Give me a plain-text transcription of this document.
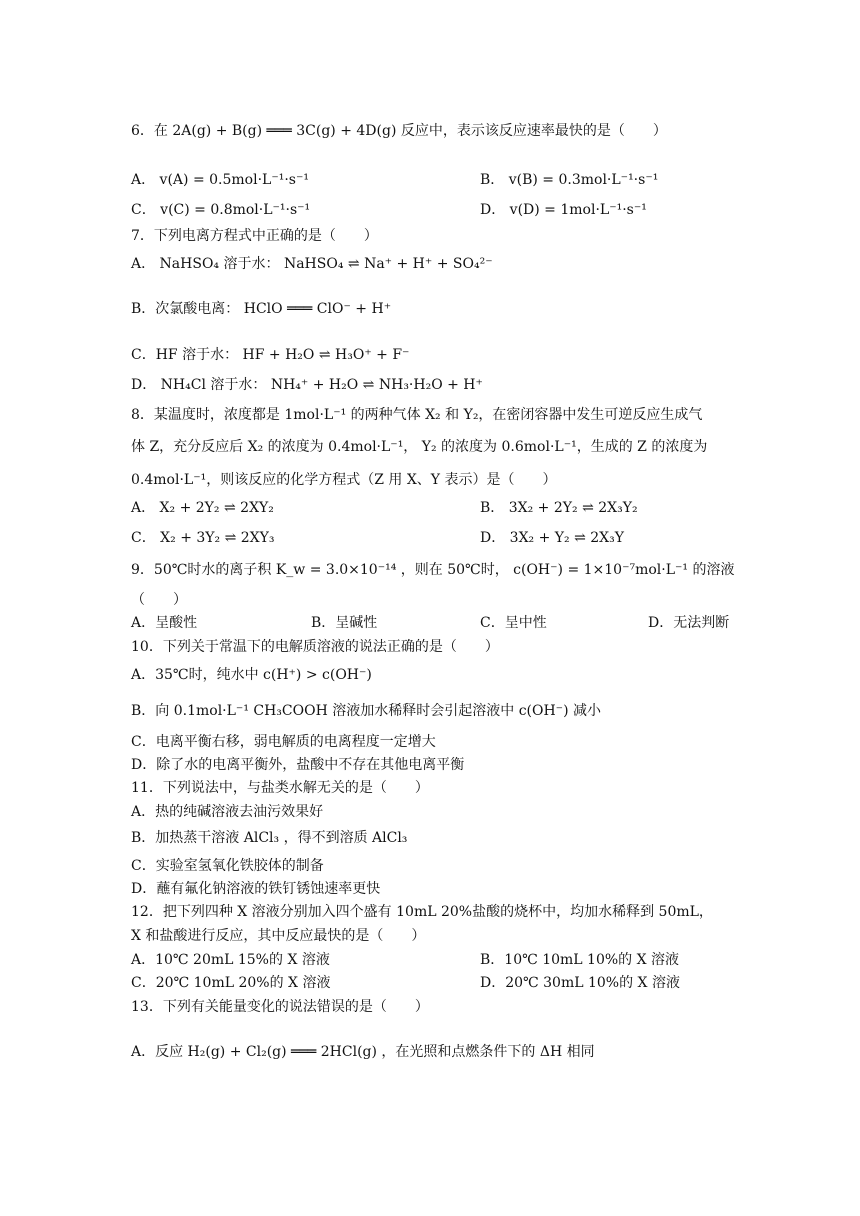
6．在 2A(g) + B(g) ═══ 3C(g) + 4D(g) 反应中，表示该反应速率最快的是（　　）
A． v(A) = 0.5mol·L⁻¹·s⁻¹	B． v(B) = 0.3mol·L⁻¹·s⁻¹
C． v(C) = 0.8mol·L⁻¹·s⁻¹	D． v(D) = 1mol·L⁻¹·s⁻¹
7．下列电离方程式中正确的是（　　）
A． NaHSO₄ 溶于水： NaHSO₄ ⇌ Na⁺ + H⁺ + SO₄²⁻
B．次氯酸电离： HClO ═══ ClO⁻ + H⁺
C．HF 溶于水： HF + H₂O ⇌ H₃O⁺ + F⁻
D． NH₄Cl 溶于水： NH₄⁺ + H₂O ⇌ NH₃·H₂O + H⁺
8．某温度时，浓度都是 1mol·L⁻¹ 的两种气体 X₂ 和 Y₂，在密闭容器中发生可逆反应生成气
体 Z，充分反应后 X₂ 的浓度为 0.4mol·L⁻¹， Y₂ 的浓度为 0.6mol·L⁻¹，生成的 Z 的浓度为
0.4mol·L⁻¹，则该反应的化学方程式（Z 用 X、Y 表示）是（　　）
A． X₂ + 2Y₂ ⇌ 2XY₂	B． 3X₂ + 2Y₂ ⇌ 2X₃Y₂
C． X₂ + 3Y₂ ⇌ 2XY₃	D． 3X₂ + Y₂ ⇌ 2X₃Y
9．50℃时水的离子积 K_w = 3.0×10⁻¹⁴ ，则在 50℃时， c(OH⁻) = 1×10⁻⁷mol·L⁻¹ 的溶液
（　　）
A．呈酸性	B．呈碱性	C．呈中性	D．无法判断
10．下列关于常温下的电解质溶液的说法正确的是（　　）
A．35℃时，纯水中 c(H⁺) > c(OH⁻)
B．向 0.1mol·L⁻¹ CH₃COOH 溶液加水稀释时会引起溶液中 c(OH⁻) 减小
C．电离平衡右移，弱电解质的电离程度一定增大
D．除了水的电离平衡外，盐酸中不存在其他电离平衡
11．下列说法中，与盐类水解无关的是（　　）
A．热的纯碱溶液去油污效果好
B．加热蒸干溶液 AlCl₃ ，得不到溶质 AlCl₃
C．实验室氢氧化铁胶体的制备
D．蘸有氟化钠溶液的铁钉锈蚀速率更快
12．把下列四种 X 溶液分别加入四个盛有 10mL 20%盐酸的烧杯中，均加水稀释到 50mL，
X 和盐酸进行反应，其中反应最快的是（　　）
A．10℃ 20mL 15%的 X 溶液	B．10℃ 10mL 10%的 X 溶液
C．20℃ 10mL 20%的 X 溶液	D．20℃ 30mL 10%的 X 溶液
13．下列有关能量变化的说法错误的是（　　）
A．反应 H₂(g) + Cl₂(g) ═══ 2HCl(g) ，在光照和点燃条件下的 ΔH 相同
